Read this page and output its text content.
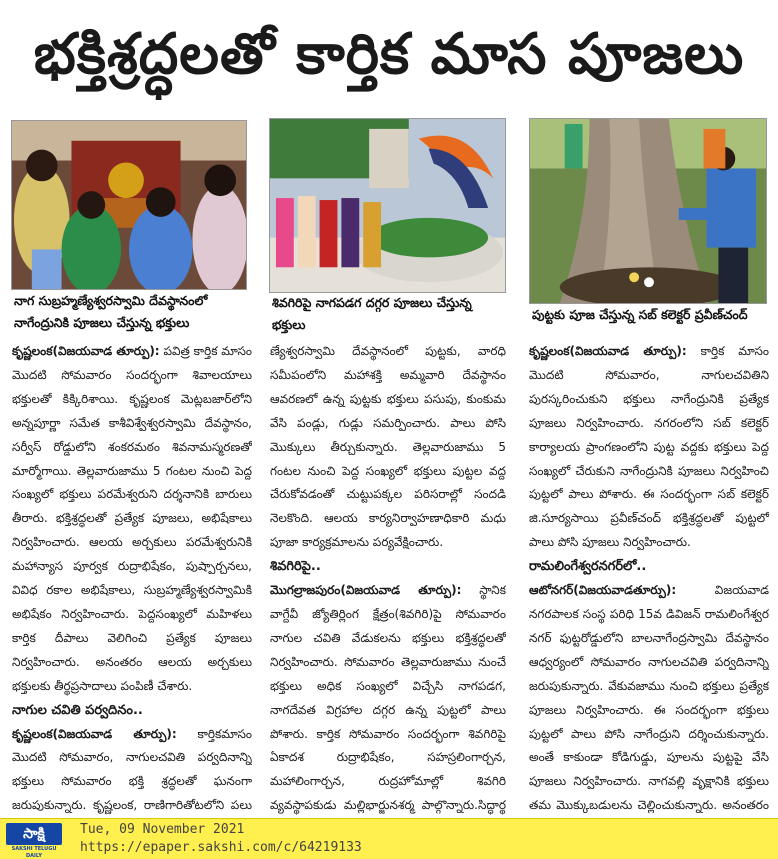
భక్తిశ్రద్ధలతో కార్తిక మాస పూజలు
నాగ సుబ్రహ్మణ్యేశ్వరస్వామి దేవస్థానంలో నాగేంద్రునికి పూజలు చేస్తున్న భక్తులు
శివగిరిపై నాగపడగ దగ్గర పూజలు చేస్తున్న భక్తులు
పుట్టకు పూజ చేస్తున్న సబ్ కలెక్టర్ ప్రవీణ్‌చంద్

కృష్ణలంక(విజయవాడ తూర్పు): పవిత్ర కార్తిక మాసం మొదటి సోమవారం సందర్భంగా శివాలయాలు భక్తులతో కిక్కిరిశాయి. కృష్ణలంక మెట్లబజార్‌లోని అన్నపూర్ణా సమేత కాశీవిశ్వేశ్వరస్వామి దేవస్థానం, సర్వీస్ రోడ్డులోని శంకరమఠం శివనామస్మరణతో మార్మోగాయి. తెల్లవారుజాము 5 గంటల నుంచి పెద్ద సంఖ్యలో భక్తులు పరమేశ్వరుని దర్శనానికి బారులు తీరారు. భక్తిశ్రద్ధలతో ప్రత్యేక పూజలు, అభిషేకాలు నిర్వహించారు. ఆలయ అర్చకులు పరమేశ్వరునికి మహాన్యాస పూర్వక రుద్రాభిషేకం, పుష్పార్చనలు, వివిధ రకాల అభిషేకాలు, సుబ్రహ్మణ్యేశ్వరస్వామికి అభిషేకం నిర్వహించారు. పెద్దసంఖ్యలో మహిళలు కార్తిక దీపాలు వెలిగించి ప్రత్యేక పూజలు నిర్వహించారు. అనంతరం ఆలయ అర్చకులు భక్తులకు తీర్థప్రసాదాలు పంపిణీ చేశారు.

నాగుల చవితి పర్వదినం..

కృష్ణలంక(విజయవాడ తూర్పు): కార్తికమాసం మొదటి సోమవారం, నాగులచవితి పర్వదినాన్ని భక్తులు సోమవారం భక్తి శ్రద్ధలతో ఘనంగా జరుపుకున్నారు. కృష్ణలంక, రాణిగారితోటలోని పలు

ణ్యేశ్వరస్వామి దేవస్థానంలో పుట్టకు, వారధి సమీపంలోని మహాశక్తి అమ్మవారి దేవస్థానం ఆవరణలో ఉన్న పుట్టకు భక్తులు పసుపు, కుంకుమ వేసి పండ్లు, గుడ్లు సమర్పించారు. పాలు పోసి మొక్కులు తీర్చుకున్నారు. తెల్లవారుజాము 5 గంటల నుంచి పెద్ద సంఖ్యలో భక్తులు పుట్టల వద్ద చేరుకోవడంతో చుట్టుపక్కల పరిసరాల్లో సందడి నెలకొంది. ఆలయ కార్యనిర్వాహణాధికారి మధు పూజా కార్యక్రమాలను పర్యవేక్షించారు.

శివగిరిపై..

మొగల్రాజపురం(విజయవాడ తూర్పు): స్థానిక వాగ్దేవీ జ్యోతిర్లింగ క్షేత్రం(శివగిరి)పై సోమవారం నాగుల చవితి వేడుకలను భక్తులు భక్తిశ్రద్ధలతో నిర్వహించారు. సోమవారం తెల్లవారుజాము నుంచే భక్తులు అధిక సంఖ్యలో విచ్చేసి నాగపడగ, నాగదేవత విగ్రహాల దగ్గర ఉన్న పుట్టలో పాలు పోశారు. కార్తిక సోమవారం సందర్భంగా శివగిరిపై ఏకాదశ రుద్రాభిషేకం, సహస్రలింగార్చన, మహాలింగార్చన, రుద్రహోమాల్లో శివగిరి వ్యవస్థాపకుడు మల్లిభార్జునశర్మ పాల్గొన్నారు.సిద్ధార్థ

కృష్ణలంక(విజయవాడ తూర్పు): కార్తిక మాసం మొదటి సోమవారం, నాగులచవితిని పురస్కరించుకుని భక్తులు నాగేంద్రునికి ప్రత్యేక పూజలు నిర్వహించారు. నగరంలోని సబ్ కలెక్టర్ కార్యాలయ ప్రాంగణంలోని పుట్ట వద్దకు భక్తులు పెద్ద సంఖ్యలో చేరుకుని నాగేంద్రునికి పూజలు నిర్వహించి పుట్టలో పాలు పోశారు. ఈ సందర్భంగా సబ్ కలెక్టర్ జి.సూర్యసాయి ప్రవీణ్‌చంద్ భక్తిశ్రద్ధలతో పుట్టలో పాలు పోసి పూజలు నిర్వహించారు.

రామలింగేశ్వరనగర్‌లో..

ఆటోనగర్(విజయవాడతూర్పు):	విజయవాడ నగరపాలక సంస్థ పరిధి 15వ డివిజన్ రామలింగేశ్వర నగర్ ఫుట్టరోడ్డులోని బాలనాగేంద్రస్వామి దేవస్థానం ఆధ్వర్యంలో సోమవారం నాగులచవితి పర్వదినాన్ని జరుపుకున్నారు. వేకువజాము నుంచి భక్తులు ప్రత్యేక పూజలు నిర్వహించారు. ఈ సందర్భంగా భక్తులు పుట్టలో పాలు పోసి నాగేంద్రుని దర్శించుకున్నారు. అంతే కాకుండా కోడిగుడ్డు, పూలను పుట్టపై వేసి పూజలు నిర్వహించారు. నాగవల్లి వృక్షానికి భక్తులు తమ మొక్కుబడులను చెల్లించుకున్నారు. అనంతరం

సాక్షి
SAKSHI TELUGU DAILY
Tue, 09 November 2021
https://epaper.sakshi.com/c/64219133
